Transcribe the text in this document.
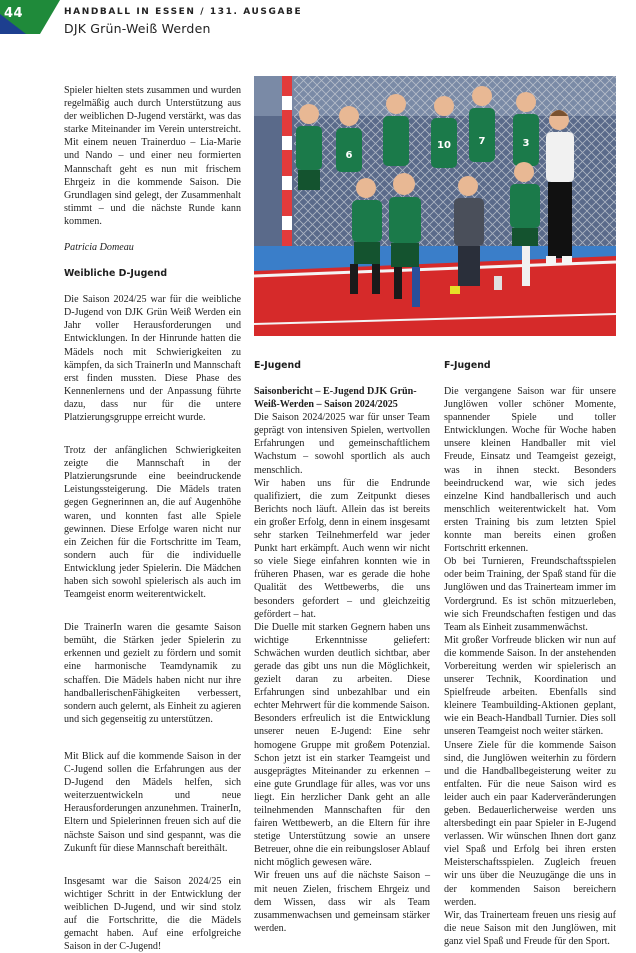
44	HANDBALL IN ESSEN / 131. AUSGABE
DJK Grün-Weiß Werden

Spieler hielten stets zusammen und wurden regelmäßig auch durch Unterstützung aus der weiblichen D-Jugend verstärkt, was das starke Miteinander im Verein unterstreicht. Mit einem neuen Trainerduo – Lia-Marie und Nando – und einer neu formierten Mannschaft geht es nun mit frischem Ehrgeiz in die kommende Saison. Die Grundlagen sind gelegt, der Zusammenhalt stimmt – und die nächste Runde kann kommen.

Patricia Domeau

Weibliche D-Jugend

Die Saison 2024/25 war für die weibliche D-Jugend von DJK Grün Weiß Werden ein Jahr voller Herausforderungen und Entwicklungen. In der Hinrunde hatten die Mädels noch mit Schwierigkeiten zu kämpfen, da sich TrainerIn und Mannschaft erst finden mussten. Diese Phase des Kennenlernens und der Anpassung führte dazu, dass nur für die untere Platzierungsgruppe erreicht wurde.

Trotz der anfänglichen Schwierigkeiten zeigte die Mannschaft in der Platzierungsrunde eine beeindruckende Leistungssteigerung. Die Mädels traten gegen Gegnerinnen an, die auf Augenhöhe waren, und konnten fast alle Spiele gewinnen. Diese Erfolge waren nicht nur ein Zeichen für die Fortschritte im Team, sondern auch für die individuelle Entwicklung jeder Spielerin. Die Mädchen haben sich sowohl spielerisch als auch im Teamgeist enorm weiterentwickelt.

Die TrainerIn waren die gesamte Saison bemüht, die Stärken jeder Spielerin zu erkennen und gezielt zu fördern und somit eine harmonische Teamdynamik zu schaffen. Die Mädels haben nicht nur ihre handballerischenFähigkeiten verbessert, sondern auch gelernt, als Einheit zu agieren und sich gegenseitig zu unterstützen.

Mit Blick auf die kommende Saison in der C-Jugend sollen die Erfahrungen aus der D-Jugend den Mädels helfen, sich weiterzuentwickeln und neue Herausforderungen anzunehmen. TrainerIn, Eltern und Spielerinnen freuen sich auf die nächste Saison und sind gespannt, was die Zukunft für diese Mannschaft bereithält.

Insgesamt war die Saison 2024/25 ein wichtiger Schritt in der Entwicklung der weiblichen D-Jugend, und wir sind stolz auf die Fortschritte, die die Mädels gemacht haben. Auf eine erfolgreiche Saison in der C-Jugend!

6
10	7	3

E-Jugend

Saisonbericht – E-Jugend DJK Grün-Weiß-Werden – Saison 2024/2025

Die Saison 2024/2025 war für unser Team geprägt von intensiven Spielen, wertvollen Erfahrungen und gemeinschaftlichem Wachstum – sowohl sportlich als auch menschlich.

Wir haben uns für die Endrunde qualifiziert, die zum Zeitpunkt dieses Berichts noch läuft. Allein das ist bereits ein großer Erfolg, denn in einem insgesamt sehr starken Teilnehmerfeld war jeder Punkt hart erkämpft. Auch wenn wir nicht so viele Siege einfahren konnten wie in früheren Phasen, war es gerade die hohe Qualität des Wettbewerbs, die uns besonders gefordert – und gleichzeitig gefördert – hat.

Die Duelle mit starken Gegnern haben uns wichtige Erkenntnisse geliefert: Schwächen wurden deutlich sichtbar, aber gerade das gibt uns nun die Möglichkeit, gezielt daran zu arbeiten. Diese Erfahrungen sind unbezahlbar und ein echter Mehrwert für die kommende Saison.

Besonders erfreulich ist die Entwicklung unserer neuen E-Jugend: Eine sehr homogene Gruppe mit großem Potenzial. Schon jetzt ist ein starker Teamgeist und ausgeprägtes Miteinander zu erkennen – eine gute Grundlage für alles, was vor uns liegt. Ein herzlicher Dank geht an alle teilnehmenden Mannschaften für den fairen Wettbewerb, an die Eltern für ihre stetige Unterstützung sowie an unsere Betreuer, ohne die ein reibungsloser Ablauf nicht möglich gewesen wäre.

Wir freuen uns auf die nächste Saison – mit neuen Zielen, frischem Ehrgeiz und dem Wissen, dass wir als Team zusammenwachsen und gemeinsam stärker werden.

F-Jugend

Die vergangene Saison war für unsere Junglöwen voller schöner Momente, spannender Spiele und toller Entwicklungen. Woche für Woche haben unsere kleinen Handballer mit viel Freude, Einsatz und Teamgeist gezeigt, was in ihnen steckt. Besonders beeindruckend war, wie sich jedes einzelne Kind handballerisch und auch menschlich weiterentwickelt hat. Vom ersten Training bis zum letzten Spiel konnte man bereits einen großen Fortschritt erkennen.

Ob bei Turnieren, Freundschaftsspielen oder beim Training, der Spaß stand für die Junglöwen und das Trainerteam immer im Vordergrund. Es ist schön mitzuerleben, wie sich Freundschaften festigen und das Team als Einheit zusammenwächst.

Mit großer Vorfreude blicken wir nun auf die kommende Saison. In der anstehenden Vorbereitung werden wir spielerisch an unserer Technik, Koordination und Spielfreude arbeiten. Ebenfalls sind kleinere Teambuilding-Aktionen geplant, wie ein Beach-Handball Turnier. Dies soll unseren Teamgeist noch weiter stärken.

Unsere Ziele für die kommende Saison sind, die Junglöwen weiterhin zu fördern und die Handballbegeisterung weiter zu entfalten. Für die neue Saison wird es leider auch ein paar Kaderveränderungen geben. Bedauerlicherweise werden uns altersbedingt ein paar Spieler in E-Jugend verlassen. Wir wünschen Ihnen dort ganz viel Spaß und Erfolg bei ihren ersten Meisterschaftsspielen. Zugleich freuen wir uns über die Neuzugänge die uns in der kommenden Saison bereichern werden.

Wir, das Trainerteam freuen uns riesig auf die neue Saison mit den Junglöwen, mit ganz viel Spaß und Freude für den Sport.
